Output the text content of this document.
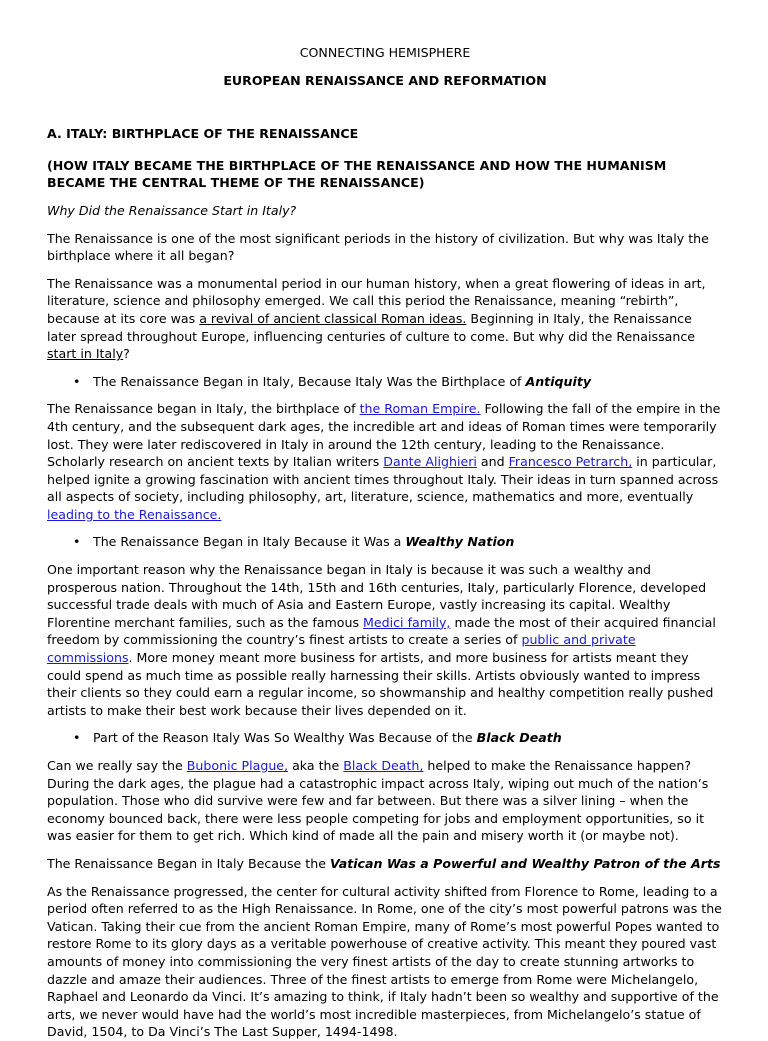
CONNECTING HEMISPHERE
EUROPEAN RENAISSANCE AND REFORMATION
A. ITALY: BIRTHPLACE OF THE RENAISSANCE
(HOW ITALY BECAME THE BIRTHPLACE OF THE RENAISSANCE AND HOW THE HUMANISM BECAME THE CENTRAL THEME OF THE RENAISSANCE)
Why Did the Renaissance Start in Italy?

The Renaissance is one of the most significant periods in the history of civilization. But why was Italy the birthplace where it all began?

The Renaissance was a monumental period in our human history, when a great flowering of ideas in art, literature, science and philosophy emerged. We call this period the Renaissance, meaning “rebirth”, because at its core was a revival of ancient classical Roman ideas. Beginning in Italy, the Renaissance later spread throughout Europe, influencing centuries of culture to come. But why did the Renaissance start in Italy?

• The Renaissance Began in Italy, Because Italy Was the Birthplace of Antiquity

The Renaissance began in Italy, the birthplace of the Roman Empire. Following the fall of the empire in the 4th century, and the subsequent dark ages, the incredible art and ideas of Roman times were temporarily lost. They were later rediscovered in Italy in around the 12th century, leading to the Renaissance. Scholarly research on ancient texts by Italian writers Dante Alighieri and Francesco Petrarch, in particular, helped ignite a growing fascination with ancient times throughout Italy. Their ideas in turn spanned across all aspects of society, including philosophy, art, literature, science, mathematics and more, eventually leading to the Renaissance.

• The Renaissance Began in Italy Because it Was a Wealthy Nation

One important reason why the Renaissance began in Italy is because it was such a wealthy and prosperous nation. Throughout the 14th, 15th and 16th centuries, Italy, particularly Florence, developed successful trade deals with much of Asia and Eastern Europe, vastly increasing its capital. Wealthy Florentine merchant families, such as the famous Medici family, made the most of their acquired financial freedom by commissioning the country’s finest artists to create a series of public and private commissions. More money meant more business for artists, and more business for artists meant they could spend as much time as possible really harnessing their skills. Artists obviously wanted to impress their clients so they could earn a regular income, so showmanship and healthy competition really pushed artists to make their best work because their lives depended on it.

• Part of the Reason Italy Was So Wealthy Was Because of the Black Death

Can we really say the Bubonic Plague, aka the Black Death, helped to make the Renaissance happen? During the dark ages, the plague had a catastrophic impact across Italy, wiping out much of the nation’s population. Those who did survive were few and far between. But there was a silver lining – when the economy bounced back, there were less people competing for jobs and employment opportunities, so it was easier for them to get rich. Which kind of made all the pain and misery worth it (or maybe not).

The Renaissance Began in Italy Because the Vatican Was a Powerful and Wealthy Patron of the Arts

As the Renaissance progressed, the center for cultural activity shifted from Florence to Rome, leading to a period often referred to as the High Renaissance. In Rome, one of the city’s most powerful patrons was the Vatican. Taking their cue from the ancient Roman Empire, many of Rome’s most powerful Popes wanted to restore Rome to its glory days as a veritable powerhouse of creative activity. This meant they poured vast amounts of money into commissioning the very finest artists of the day to create stunning artworks to dazzle and amaze their audiences. Three of the finest artists to emerge from Rome were Michelangelo, Raphael and Leonardo da Vinci. It’s amazing to think, if Italy hadn’t been so wealthy and supportive of the arts, we never would have had the world’s most incredible masterpieces, from Michelangelo’s statue of David, 1504, to Da Vinci’s The Last Supper, 1494-1498.
